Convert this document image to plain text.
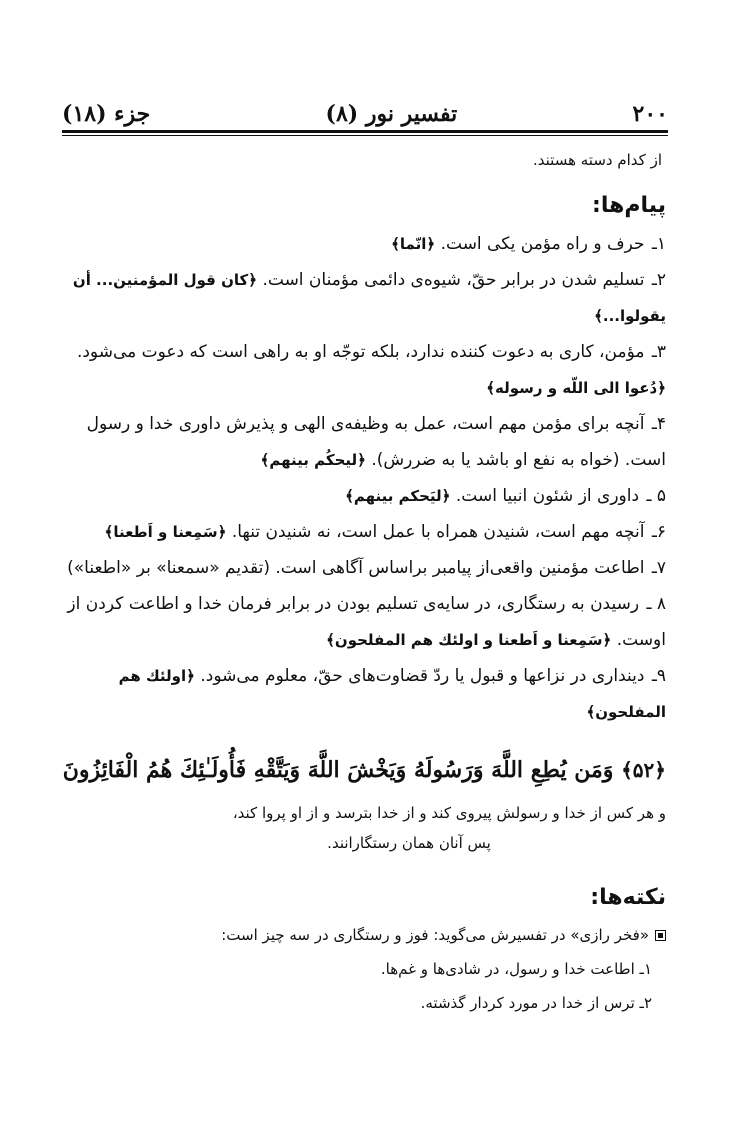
۲۰۰
تفسیر نور (۸)
جزء (۱۸)
از کدام دسته هستند.
پیام‌ها:
۱ـ حرف و راه مؤمن یکی است. ﴿انّما﴾
۲ـ تسلیم شدن در برابر حقّ، شیوه‌ی دائمی مؤمنان است. ﴿کان قول المؤمنین... أن یقولوا...﴾
۳ـ مؤمن، کاری به دعوت کننده ندارد، بلکه توجّه او به راهی است که دعوت می‌شود. ﴿دُعوا الی اللّه و رسوله﴾
۴ـ آنچه برای مؤمن مهم است، عمل به وظیفه‌ی الهی و پذیرش داوری خدا و رسول است. (خواه به نفع او باشد یا به ضررش). ﴿لیحکُم بینهم﴾
۵ ـ داوری از شئون انبیا است. ﴿لیَحکم بینهم﴾
۶ـ آنچه مهم است، شنیدن همراه با عمل است، نه شنیدن تنها. ﴿سَمِعنا و اَطعنا﴾
۷ـ اطاعت مؤمنین واقعی‌از پیامبر براساس آگاهی است. (تقدیم «سمعنا» بر «اطعنا»)
۸ ـ رسیدن به رستگاری، در سایه‌ی تسلیم بودن در برابر فرمان خدا و اطاعت کردن از اوست. ﴿سَمِعنا و اَطعنا و اولئك هم المفلحون﴾
۹ـ دینداری در نزاعها و قبول یا ردّ قضاوت‌های حقّ، معلوم می‌شود. ﴿اولئك هم المفلحون﴾
﴿۵۲﴾ وَمَن يُطِعِ اللَّهَ وَرَسُولَهُ وَيَخْشَ اللَّهَ وَيَتَّقْهِ فَأُولَـٰئِكَ هُمُ الْفَائِزُونَ
و هر کس از خدا و رسولش پیروی کند و از خدا بترسد و از او پروا کند،
پس آنان همان رستگارانند.
نکته‌ها:
«فخر رازی» در تفسیرش می‌گوید: فوز و رستگاری در سه چیز است:
۱ـ اطاعت خدا و رسول، در شادی‌ها و غم‌ها.
۲ـ ترس از خدا در مورد کردار گذشته.
